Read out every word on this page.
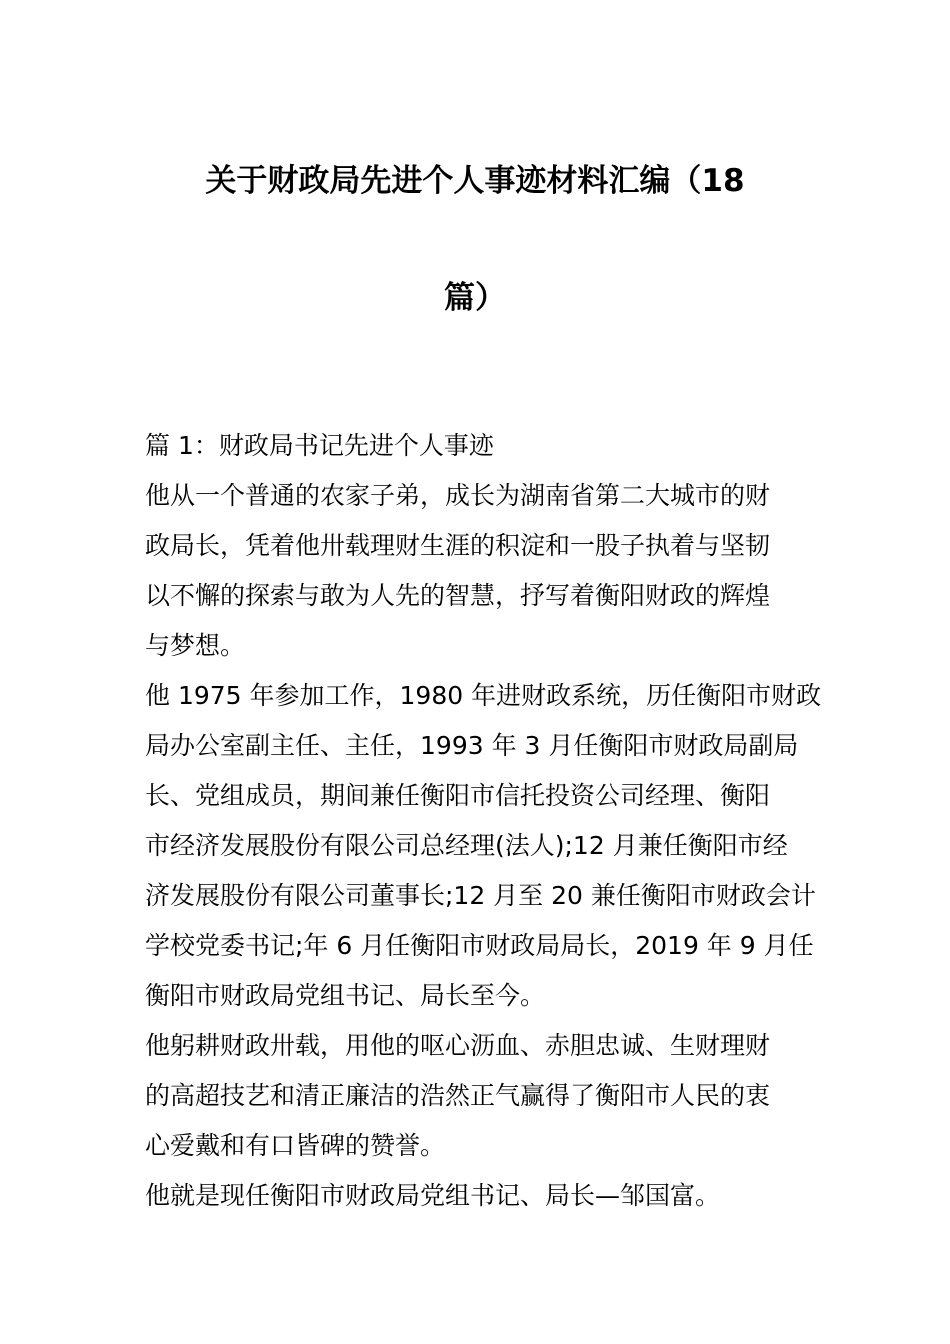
关于财政局先进个人事迹材料汇编（18
篇）

篇 1：财政局书记先进个人事迹

他从一个普通的农家子弟，成长为湖南省第二大城市的财
政局长，凭着他卅载理财生涯的积淀和一股子执着与坚韧
以不懈的探索与敢为人先的智慧，抒写着衡阳财政的辉煌
与梦想。

他 1975 年参加工作，1980 年进财政系统，历任衡阳市财政
局办公室副主任、主任，1993 年 3 月任衡阳市财政局副局
长、党组成员，期间兼任衡阳市信托投资公司经理、衡阳
市经济发展股份有限公司总经理(法人);12 月兼任衡阳市经
济发展股份有限公司董事长;12 月至 20 兼任衡阳市财政会计
学校党委书记;年 6 月任衡阳市财政局局长，2019 年 9 月任
衡阳市财政局党组书记、局长至今。

他躬耕财政卅载，用他的呕心沥血、赤胆忠诚、生财理财
的高超技艺和清正廉洁的浩然正气赢得了衡阳市人民的衷
心爱戴和有口皆碑的赞誉。

他就是现任衡阳市财政局党组书记、局长—邹国富。
